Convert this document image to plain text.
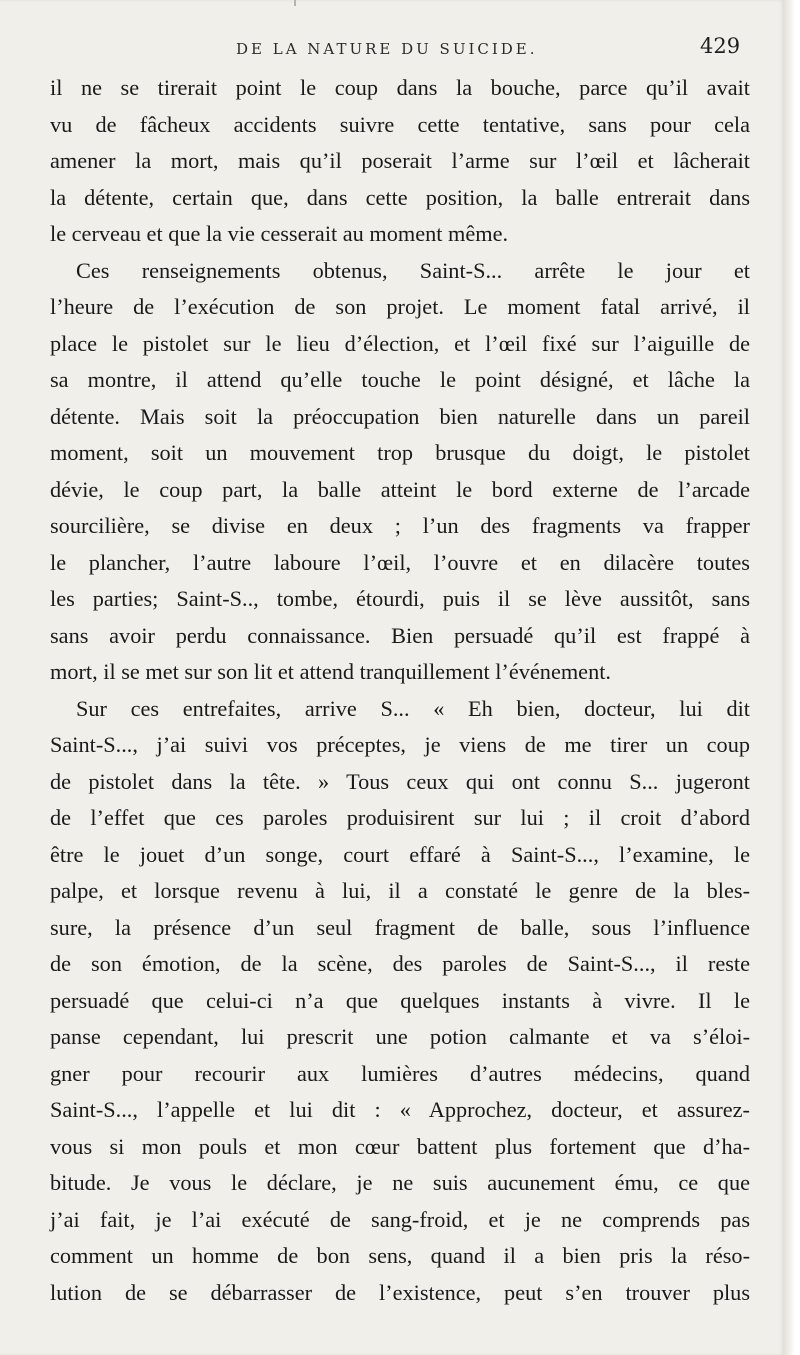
DE LA NATURE DU SUICIDE.	429
il ne se tirerait point le coup dans la bouche, parce qu’il avait
vu de fâcheux accidents suivre cette tentative, sans pour cela
amener la mort, mais qu’il poserait l’arme sur l’œil et lâcherait
la détente, certain que, dans cette position, la balle entrerait dans
le cerveau et que la vie cesserait au moment même.
Ces renseignements obtenus, Saint-S... arrête le jour et
l’heure de l’exécution de son projet. Le moment fatal arrivé, il
place le pistolet sur le lieu d’élection, et l’œil fixé sur l’aiguille de
sa montre, il attend qu’elle touche le point désigné, et lâche la
détente. Mais soit la préoccupation bien naturelle dans un pareil
moment, soit un mouvement trop brusque du doigt, le pistolet
dévie, le coup part, la balle atteint le bord externe de l’arcade
sourcilière, se divise en deux ; l’un des fragments va frapper
le plancher, l’autre laboure l’œil, l’ouvre et en dilacère toutes
les parties; Saint-S.., tombe, étourdi, puis il se lève aussitôt, sans
sans avoir perdu connaissance. Bien persuadé qu’il est frappé à
mort, il se met sur son lit et attend tranquillement l’événement.
Sur ces entrefaites, arrive S... « Eh bien, docteur, lui dit
Saint-S..., j’ai suivi vos préceptes, je viens de me tirer un coup
de pistolet dans la tête. » Tous ceux qui ont connu S... jugeront
de l’effet que ces paroles produisirent sur lui ; il croit d’abord
être le jouet d’un songe, court effaré à Saint-S..., l’examine, le
palpe, et lorsque revenu à lui, il a constaté le genre de la bles-
sure, la présence d’un seul fragment de balle, sous l’influence
de son émotion, de la scène, des paroles de Saint-S..., il reste
persuadé que celui-ci n’a que quelques instants à vivre. Il le
panse cependant, lui prescrit une potion calmante et va s’éloi-
gner pour recourir aux lumières d’autres médecins, quand
Saint-S..., l’appelle et lui dit : « Approchez, docteur, et assurez-
vous si mon pouls et mon cœur battent plus fortement que d’ha-
bitude. Je vous le déclare, je ne suis aucunement ému, ce que
j’ai fait, je l’ai exécuté de sang-froid, et je ne comprends pas
comment un homme de bon sens, quand il a bien pris la réso-
lution de se débarrasser de l’existence, peut s’en trouver plus
